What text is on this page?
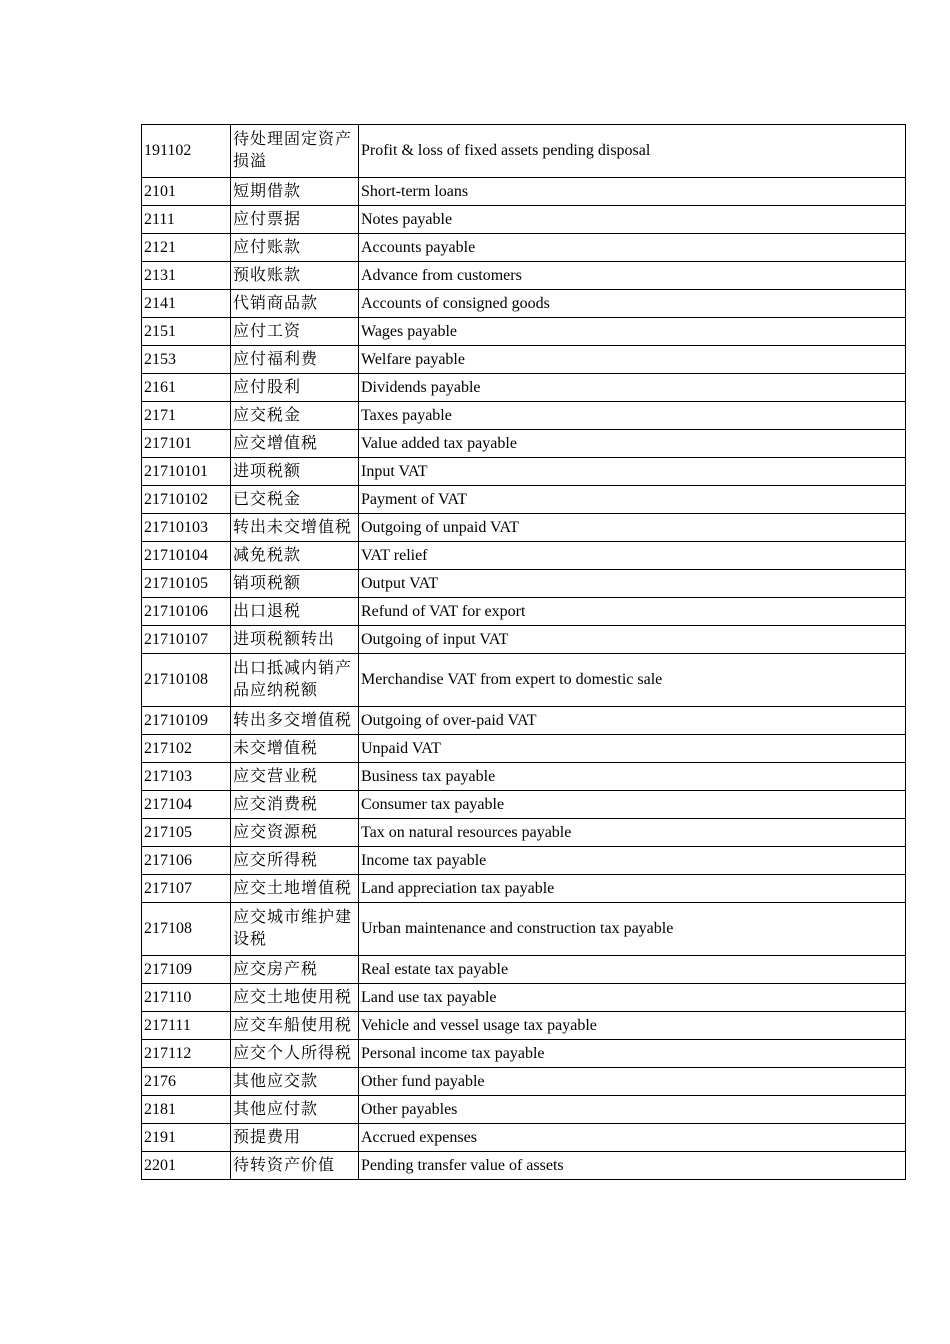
191102	待处理固定资产损溢	Profit & loss of fixed assets pending disposal
2101	短期借款	Short-term loans
2111	应付票据	Notes payable
2121	应付账款	Accounts payable
2131	预收账款	Advance from customers
2141	代销商品款	Accounts of consigned goods
2151	应付工资	Wages payable
2153	应付福利费	Welfare payable
2161	应付股利	Dividends payable
2171	应交税金	Taxes payable
217101	应交增值税	Value added tax payable
21710101	进项税额	Input VAT
21710102	已交税金	Payment of VAT
21710103	转出未交增值税	Outgoing of unpaid VAT
21710104	减免税款	VAT relief
21710105	销项税额	Output VAT
21710106	出口退税	Refund of VAT for export
21710107	进项税额转出	Outgoing of input VAT
21710108	出口抵减内销产品应纳税额	Merchandise VAT from expert to domestic sale
21710109	转出多交增值税	Outgoing of over-paid VAT
217102	未交增值税	Unpaid VAT
217103	应交营业税	Business tax payable
217104	应交消费税	Consumer tax payable
217105	应交资源税	Tax on natural resources payable
217106	应交所得税	Income tax payable
217107	应交土地增值税	Land appreciation tax payable
217108	应交城市维护建设税	Urban maintenance and construction tax payable
217109	应交房产税	Real estate tax payable
217110	应交土地使用税	Land use tax payable
217111	应交车船使用税	Vehicle and vessel usage tax payable
217112	应交个人所得税	Personal income tax payable
2176	其他应交款	Other fund payable
2181	其他应付款	Other payables
2191	预提费用	Accrued expenses
2201	待转资产价值	Pending transfer value of assets
